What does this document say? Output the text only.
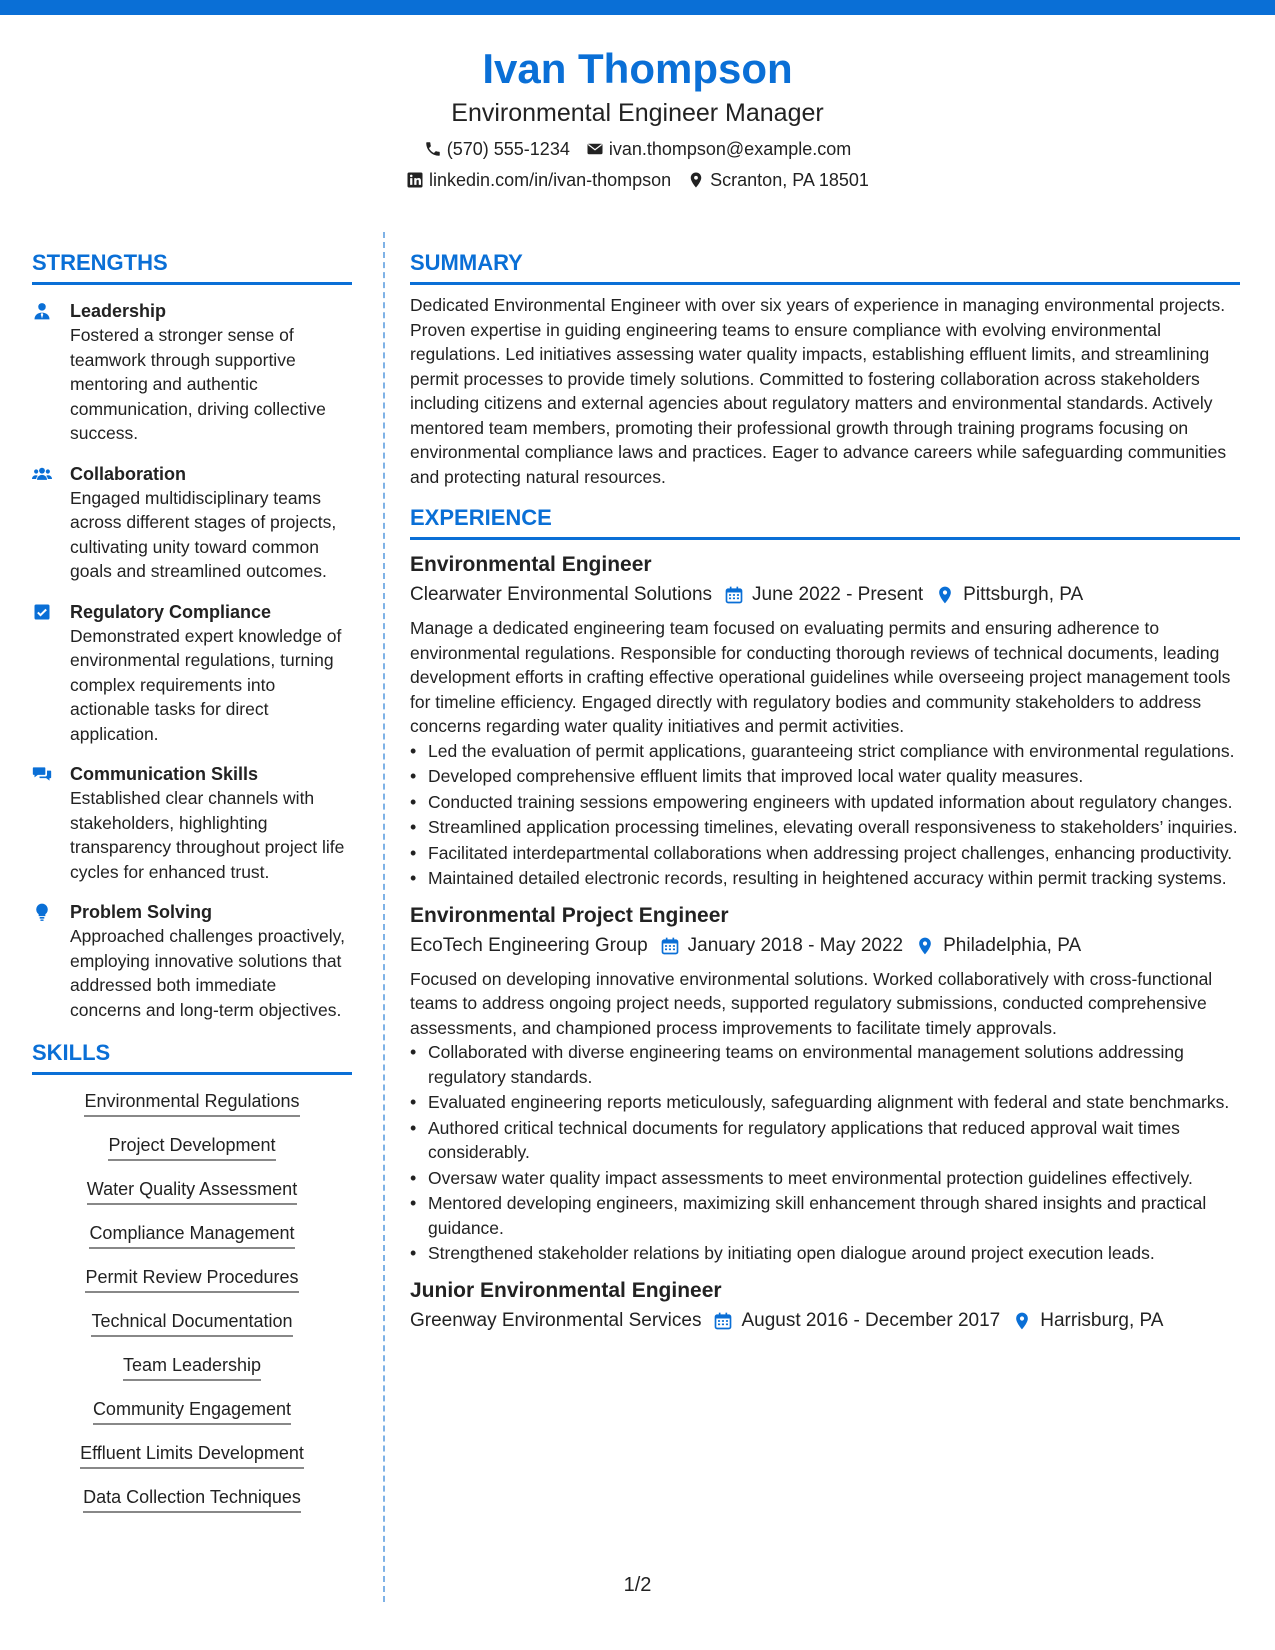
Ivan Thompson
Environmental Engineer Manager
(570) 555-1234 ivan.thompson@example.com
linkedin.com/in/ivan-thompson Scranton, PA 18501
STRENGTHS
Leadership
Fostered a stronger sense of teamwork through supportive mentoring and authentic communication, driving collective success.
Collaboration
Engaged multidisciplinary teams across different stages of projects, cultivating unity toward common goals and streamlined outcomes.
Regulatory Compliance
Demonstrated expert knowledge of environmental regulations, turning complex requirements into actionable tasks for direct application.
Communication Skills
Established clear channels with stakeholders, highlighting transparency throughout project life cycles for enhanced trust.
Problem Solving
Approached challenges proactively, employing innovative solutions that addressed both immediate concerns and long-term objectives.
SKILLS
Environmental Regulations
Project Development
Water Quality Assessment
Compliance Management
Permit Review Procedures
Technical Documentation
Team Leadership
Community Engagement
Effluent Limits Development
Data Collection Techniques
SUMMARY
Dedicated Environmental Engineer with over six years of experience in managing environmental projects. Proven expertise in guiding engineering teams to ensure compliance with evolving environmental regulations. Led initiatives assessing water quality impacts, establishing effluent limits, and streamlining permit processes to provide timely solutions. Committed to fostering collaboration across stakeholders including citizens and external agencies about regulatory matters and environmental standards. Actively mentored team members, promoting their professional growth through training programs focusing on environmental compliance laws and practices. Eager to advance careers while safeguarding communities and protecting natural resources.
EXPERIENCE
Environmental Engineer
Clearwater Environmental Solutions June 2022 - Present Pittsburgh, PA
Manage a dedicated engineering team focused on evaluating permits and ensuring adherence to environmental regulations. Responsible for conducting thorough reviews of technical documents, leading development efforts in crafting effective operational guidelines while overseeing project management tools for timeline efficiency. Engaged directly with regulatory bodies and community stakeholders to address concerns regarding water quality initiatives and permit activities.
• Led the evaluation of permit applications, guaranteeing strict compliance with environmental regulations.
• Developed comprehensive effluent limits that improved local water quality measures.
• Conducted training sessions empowering engineers with updated information about regulatory changes.
• Streamlined application processing timelines, elevating overall responsiveness to stakeholders’ inquiries.
• Facilitated interdepartmental collaborations when addressing project challenges, enhancing productivity.
• Maintained detailed electronic records, resulting in heightened accuracy within permit tracking systems.
Environmental Project Engineer
EcoTech Engineering Group January 2018 - May 2022 Philadelphia, PA
Focused on developing innovative environmental solutions. Worked collaboratively with cross-functional teams to address ongoing project needs, supported regulatory submissions, conducted comprehensive assessments, and championed process improvements to facilitate timely approvals.
• Collaborated with diverse engineering teams on environmental management solutions addressing regulatory standards.
• Evaluated engineering reports meticulously, safeguarding alignment with federal and state benchmarks.
• Authored critical technical documents for regulatory applications that reduced approval wait times considerably.
• Oversaw water quality impact assessments to meet environmental protection guidelines effectively.
• Mentored developing engineers, maximizing skill enhancement through shared insights and practical guidance.
• Strengthened stakeholder relations by initiating open dialogue around project execution leads.
Junior Environmental Engineer
Greenway Environmental Services August 2016 - December 2017 Harrisburg, PA
1/2
